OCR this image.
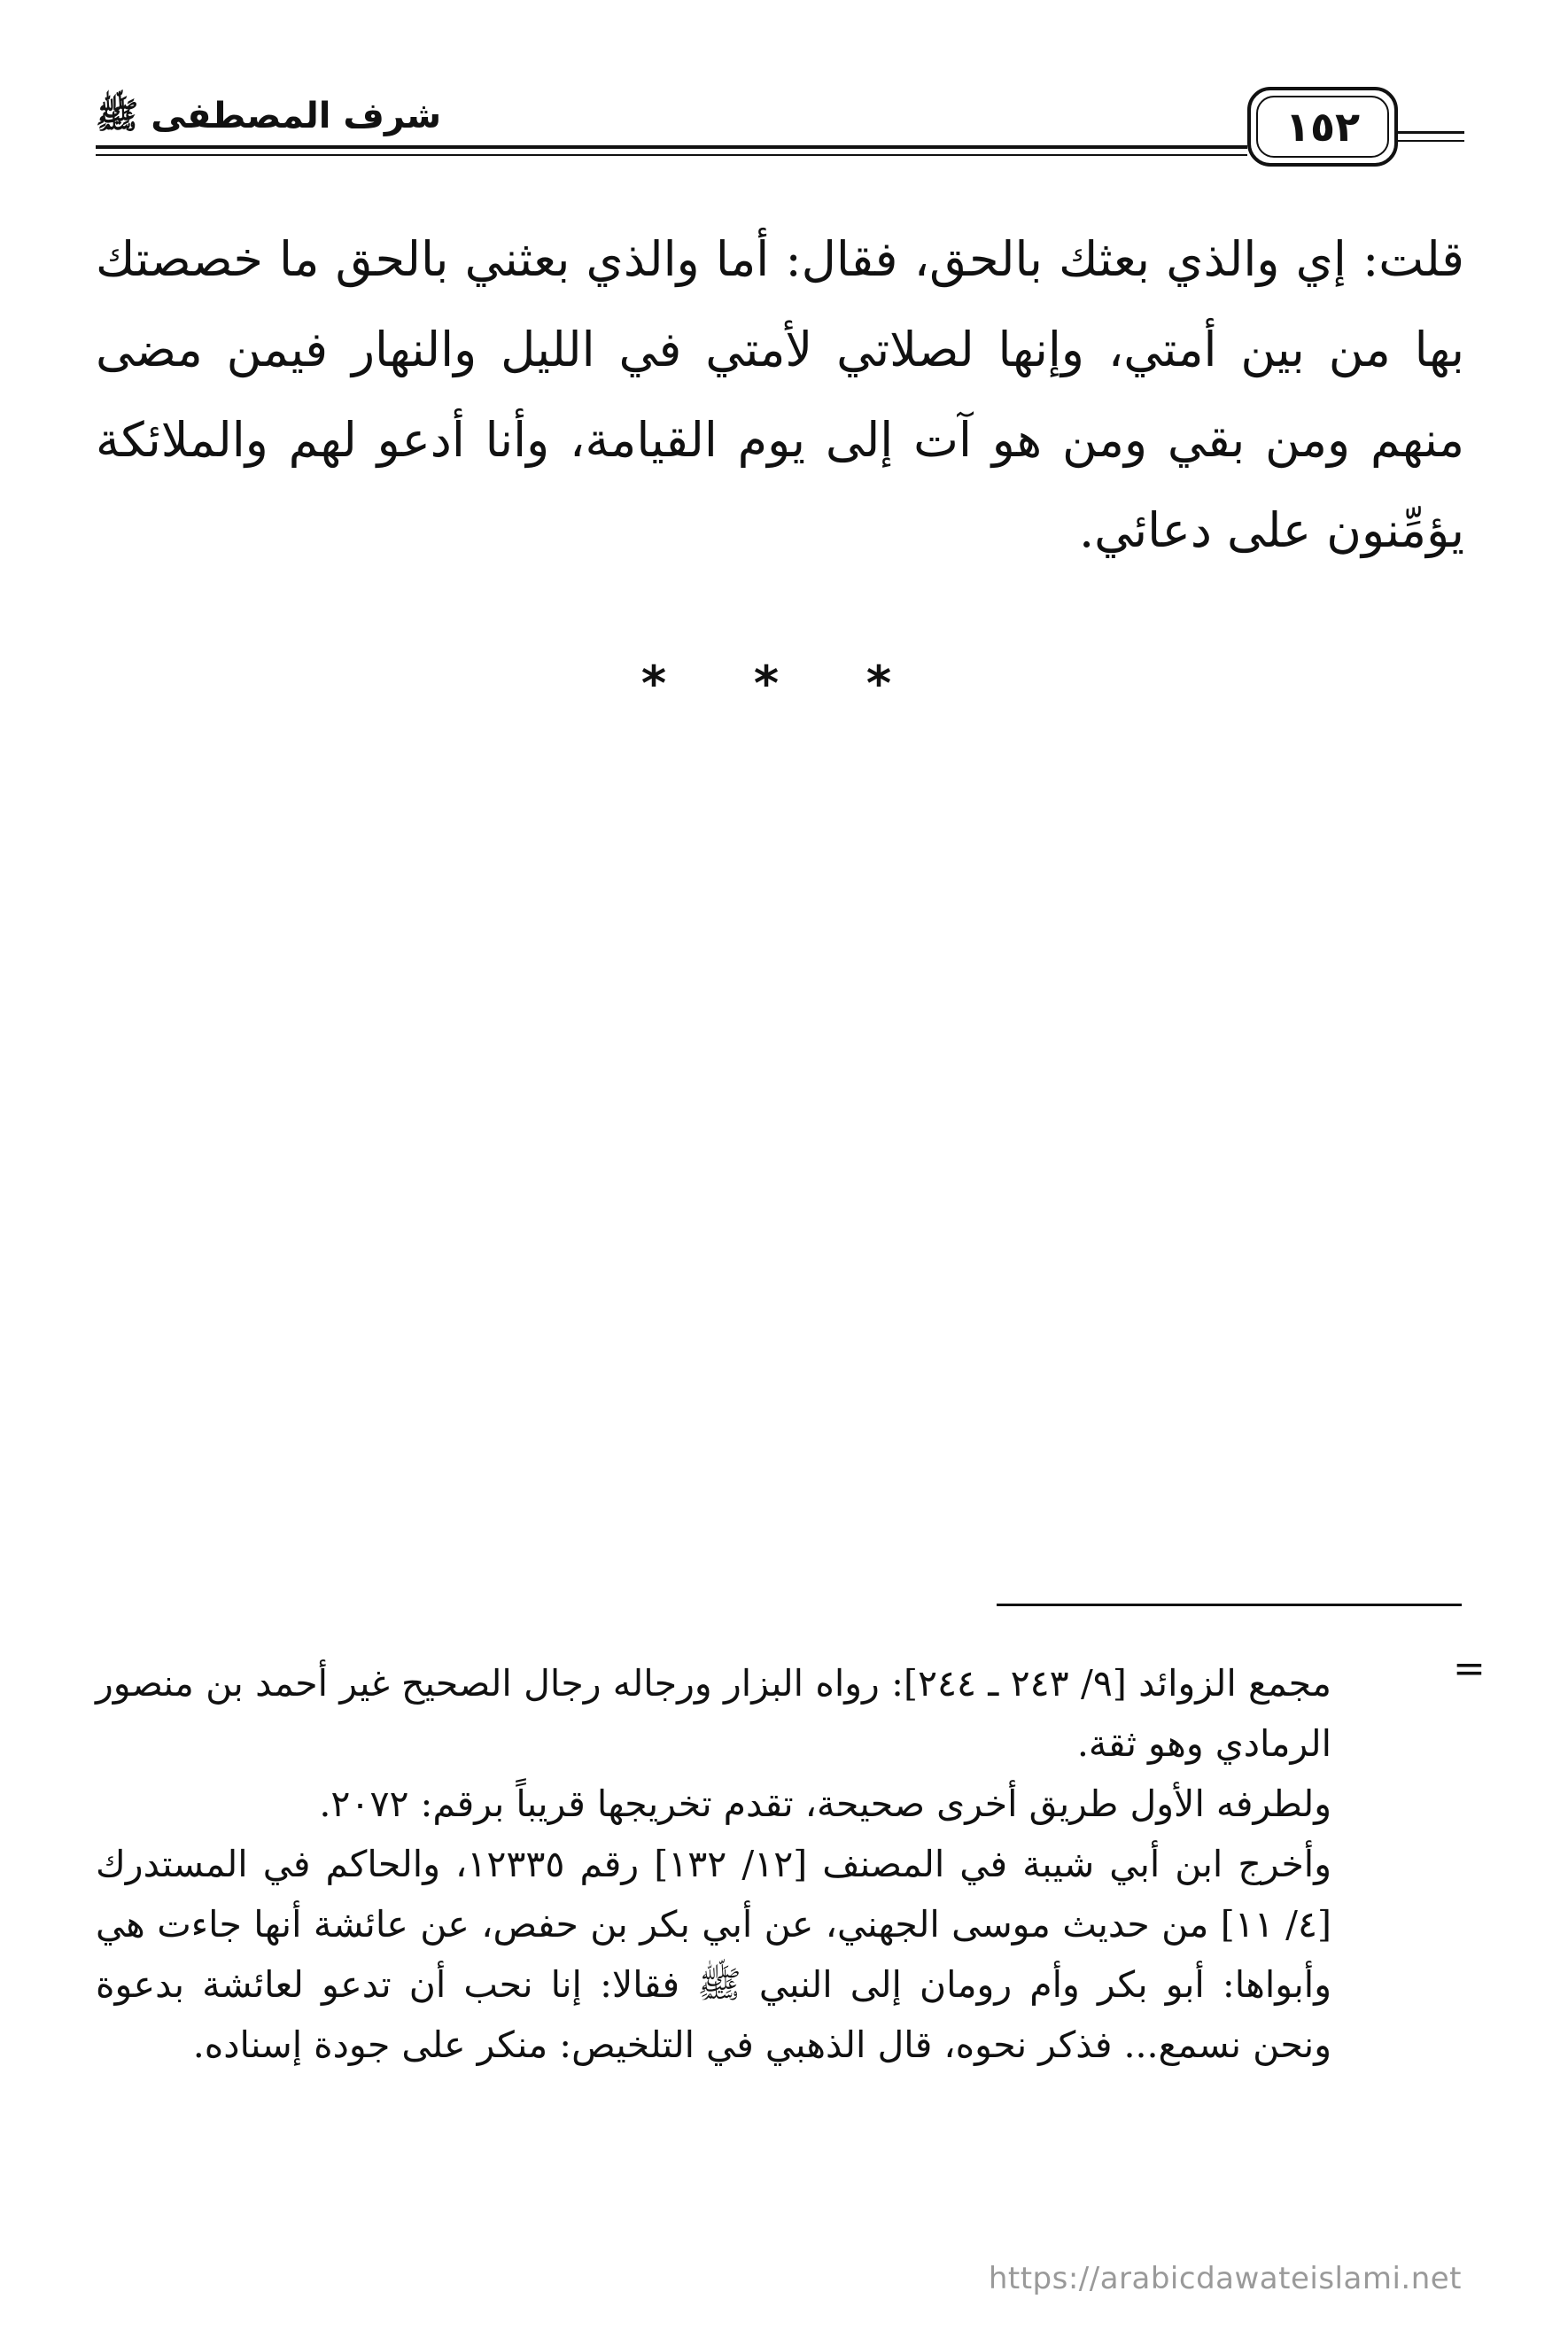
شرف المصطفى ﷺ	١٥٢

قلت: إي والذي بعثك بالحق، فقال: أما والذي بعثني بالحق ما خصصتك بها من بين أمتي، وإنها لصلاتي لأمتي في الليل والنهار فيمن مضى منهم ومن بقي ومن هو آت إلى يوم القيامة، وأنا أدعو لهم والملائكة يؤمِّنون على دعائي.

* * *
=

مجمع الزوائد [٩/ ٢٤٣ ـ ٢٤٤]: رواه البزار ورجاله رجال الصحيح غير أحمد بن منصور الرمادي وهو ثقة.

ولطرفه الأول طريق أخرى صحيحة، تقدم تخريجها قريباً برقم: ٢٠٧٢.

وأخرج ابن أبي شيبة في المصنف [١٢/ ١٣٢] رقم ١٢٣٣٥، والحاكم في المستدرك [٤/ ١١] من حديث موسى الجهني، عن أبي بكر بن حفص، عن عائشة أنها جاءت هي وأبواها: أبو بكر وأم رومان إلى النبي ﷺ فقالا: إنا نحب أن تدعو لعائشة بدعوة ونحن نسمع... فذكر نحوه، قال الذهبي في التلخيص: منكر على جودة إسناده.

https://arabicdawateislami.net
